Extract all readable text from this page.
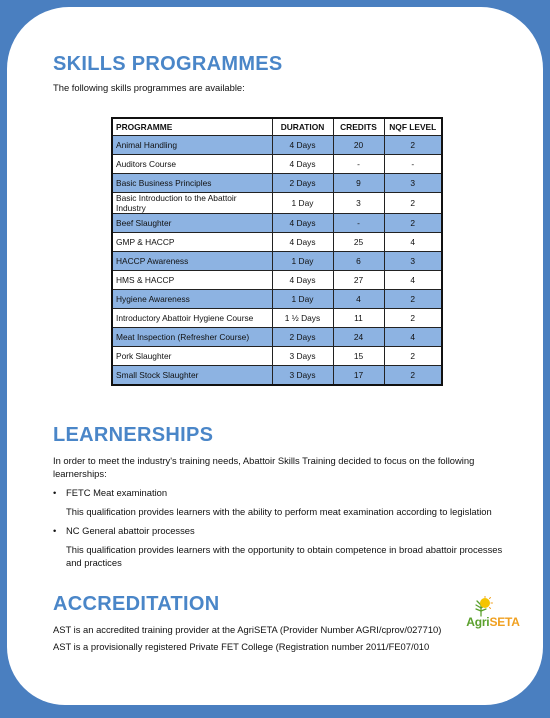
SKILLS PROGRAMMES

The following skills programmes are available:

PROGRAMME	DURATION	CREDITS	NQF LEVEL
Animal Handling	4 Days	20	2
Auditors Course	4 Days	-	-
Basic Business Principles	2 Days	9	3
Basic Introduction to the Abattoir Industry	1 Day	3	2
Beef Slaughter	4 Days	-	2
GMP & HACCP	4 Days	25	4
HACCP Awareness	1 Day	6	3
HMS & HACCP	4 Days	27	4
Hygiene Awareness	1 Day	4	2
Introductory Abattoir Hygiene Course	1 ½ Days	11	2
Meat Inspection (Refresher Course)	2 Days	24	4
Pork Slaughter	3 Days	15	2
Small Stock Slaughter	3 Days	17	2
LEARNERSHIPS

In order to meet the industry's training needs, Abattoir Skills Training decided to focus on the following learnerships:

•	FETC Meat examination
This qualification provides learners with the ability to perform meat examination according to legislation
•	NC General abattoir processes
This qualification provides learners with the opportunity to obtain competence in broad abattoir processes and practices
ACCREDITATION

AST is an accredited training provider at the AgriSETA (Provider Number AGRI/cprov/027710)

AST is a provisionally registered Private FET College (Registration number 2011/FE07/010

AgriSETA
